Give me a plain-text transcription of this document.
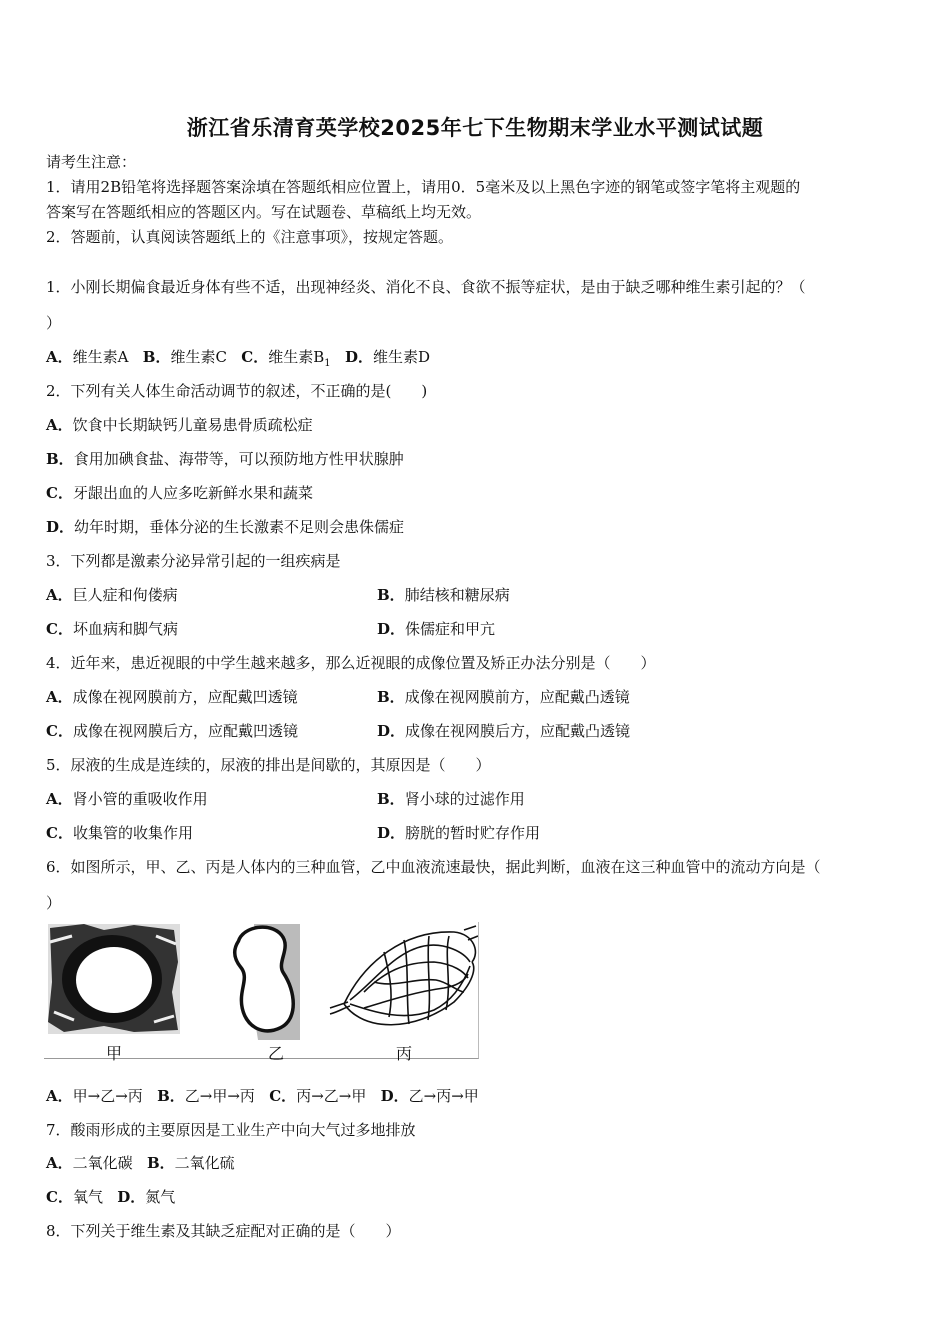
浙江省乐清育英学校2025年七下生物期末学业水平测试试题
请考生注意：
1．请用2B铅笔将选择题答案涂填在答题纸相应位置上，请用0．5毫米及以上黑色字迹的钢笔或签字笔将主观题的
答案写在答题纸相应的答题区内。写在试题卷、草稿纸上均无效。
2．答题前，认真阅读答题纸上的《注意事项》，按规定答题。
1．小刚长期偏食最近身体有些不适，出现神经炎、消化不良、食欲不振等症状，是由于缺乏哪种维生素引起的？（
）
A．维生素A B．维生素C C．维生素$B_1$ D．维生素D
2．下列有关人体生命活动调节的叙述，不正确的是(　　)
A．饮食中长期缺钙儿童易患骨质疏松症
B．食用加碘食盐、海带等，可以预防地方性甲状腺肿
C．牙龈出血的人应多吃新鲜水果和蔬菜
D．幼年时期，垂体分泌的生长激素不足则会患侏儒症
3．下列都是激素分泌异常引起的一组疾病是
A．巨人症和佝偻病	B．肺结核和糖尿病
C．坏血病和脚气病	D．侏儒症和甲亢
4．近年来，患近视眼的中学生越来越多，那么近视眼的成像位置及矫正办法分别是（　　）
A．成像在视网膜前方，应配戴凹透镜	B．成像在视网膜前方，应配戴凸透镜
C．成像在视网膜后方，应配戴凹透镜	D．成像在视网膜后方，应配戴凸透镜
5．尿液的生成是连续的，尿液的排出是间歇的，其原因是（　　）
A．肾小管的重吸收作用	B．肾小球的过滤作用
C．收集管的收集作用	D．膀胱的暂时贮存作用
6．如图所示，甲、乙、丙是人体内的三种血管，乙中血液流速最快，据此判断，血液在这三种血管中的流动方向是（
）
甲	乙	丙
A．甲→乙→丙 B．乙→甲→丙 C．丙→乙→甲 D．乙→丙→甲
7．酸雨形成的主要原因是工业生产中向大气过多地排放
A．二氧化碳 B．二氧化硫
C．氧气 D．氮气
8．下列关于维生素及其缺乏症配对正确的是（　　）
